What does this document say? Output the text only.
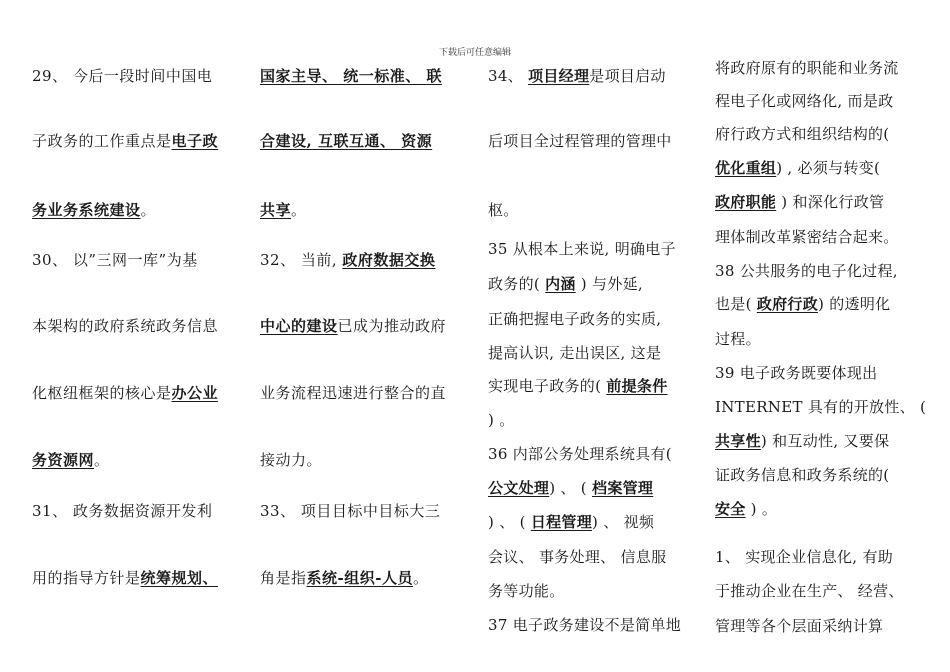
下载后可任意编辑
29、 今后一段时间中国电
子政务的工作重点是电子政
务业务系统建设。
30、 以”三网一库”为基
本架构的政府系统政务信息
化枢纽框架的核心是办公业
务资源网。
31、 政务数据资源开发利
用的指导方针是统筹规划、
国家主导、 统一标准、 联
合建设, 互联互通、 资源
共享。
32、 当前, 政府数据交换
中心的建设已成为推动政府
业务流程迅速进行整合的直
接动力。
33、 项目目标中目标大三
角是指系统-组织-人员。
34、 项目经理是项目启动
后项目全过程管理的管理中
枢。
35 从根本上来说, 明确电子
政务的( 内涵 ) 与外延,
正确把握电子政务的实质,
提高认识, 走出误区, 这是
实现电子政务的( 前提条件
) 。
36 内部公务处理系统具有(
公文处理) 、 ( 档案管理
) 、 ( 日程管理) 、 视频
会议、 事务处理、 信息服
务等功能。
37 电子政务建设不是简单地
将政府原有的职能和业务流
程电子化或网络化, 而是政
府行政方式和组织结构的(
优化重组) , 必须与转变(
政府职能 ) 和深化行政管
理体制改革紧密结合起来。
38 公共服务的电子化过程,
也是( 政府行政) 的透明化
过程。
39 电子政务既要体现出
INTERNET 具有的开放性、 (
共享性) 和互动性, 又要保
证政务信息和政务系统的(
安全 ) 。
1、 实现企业信息化, 有助
于推动企业在生产、 经营、
管理等各个层面采纳计算
